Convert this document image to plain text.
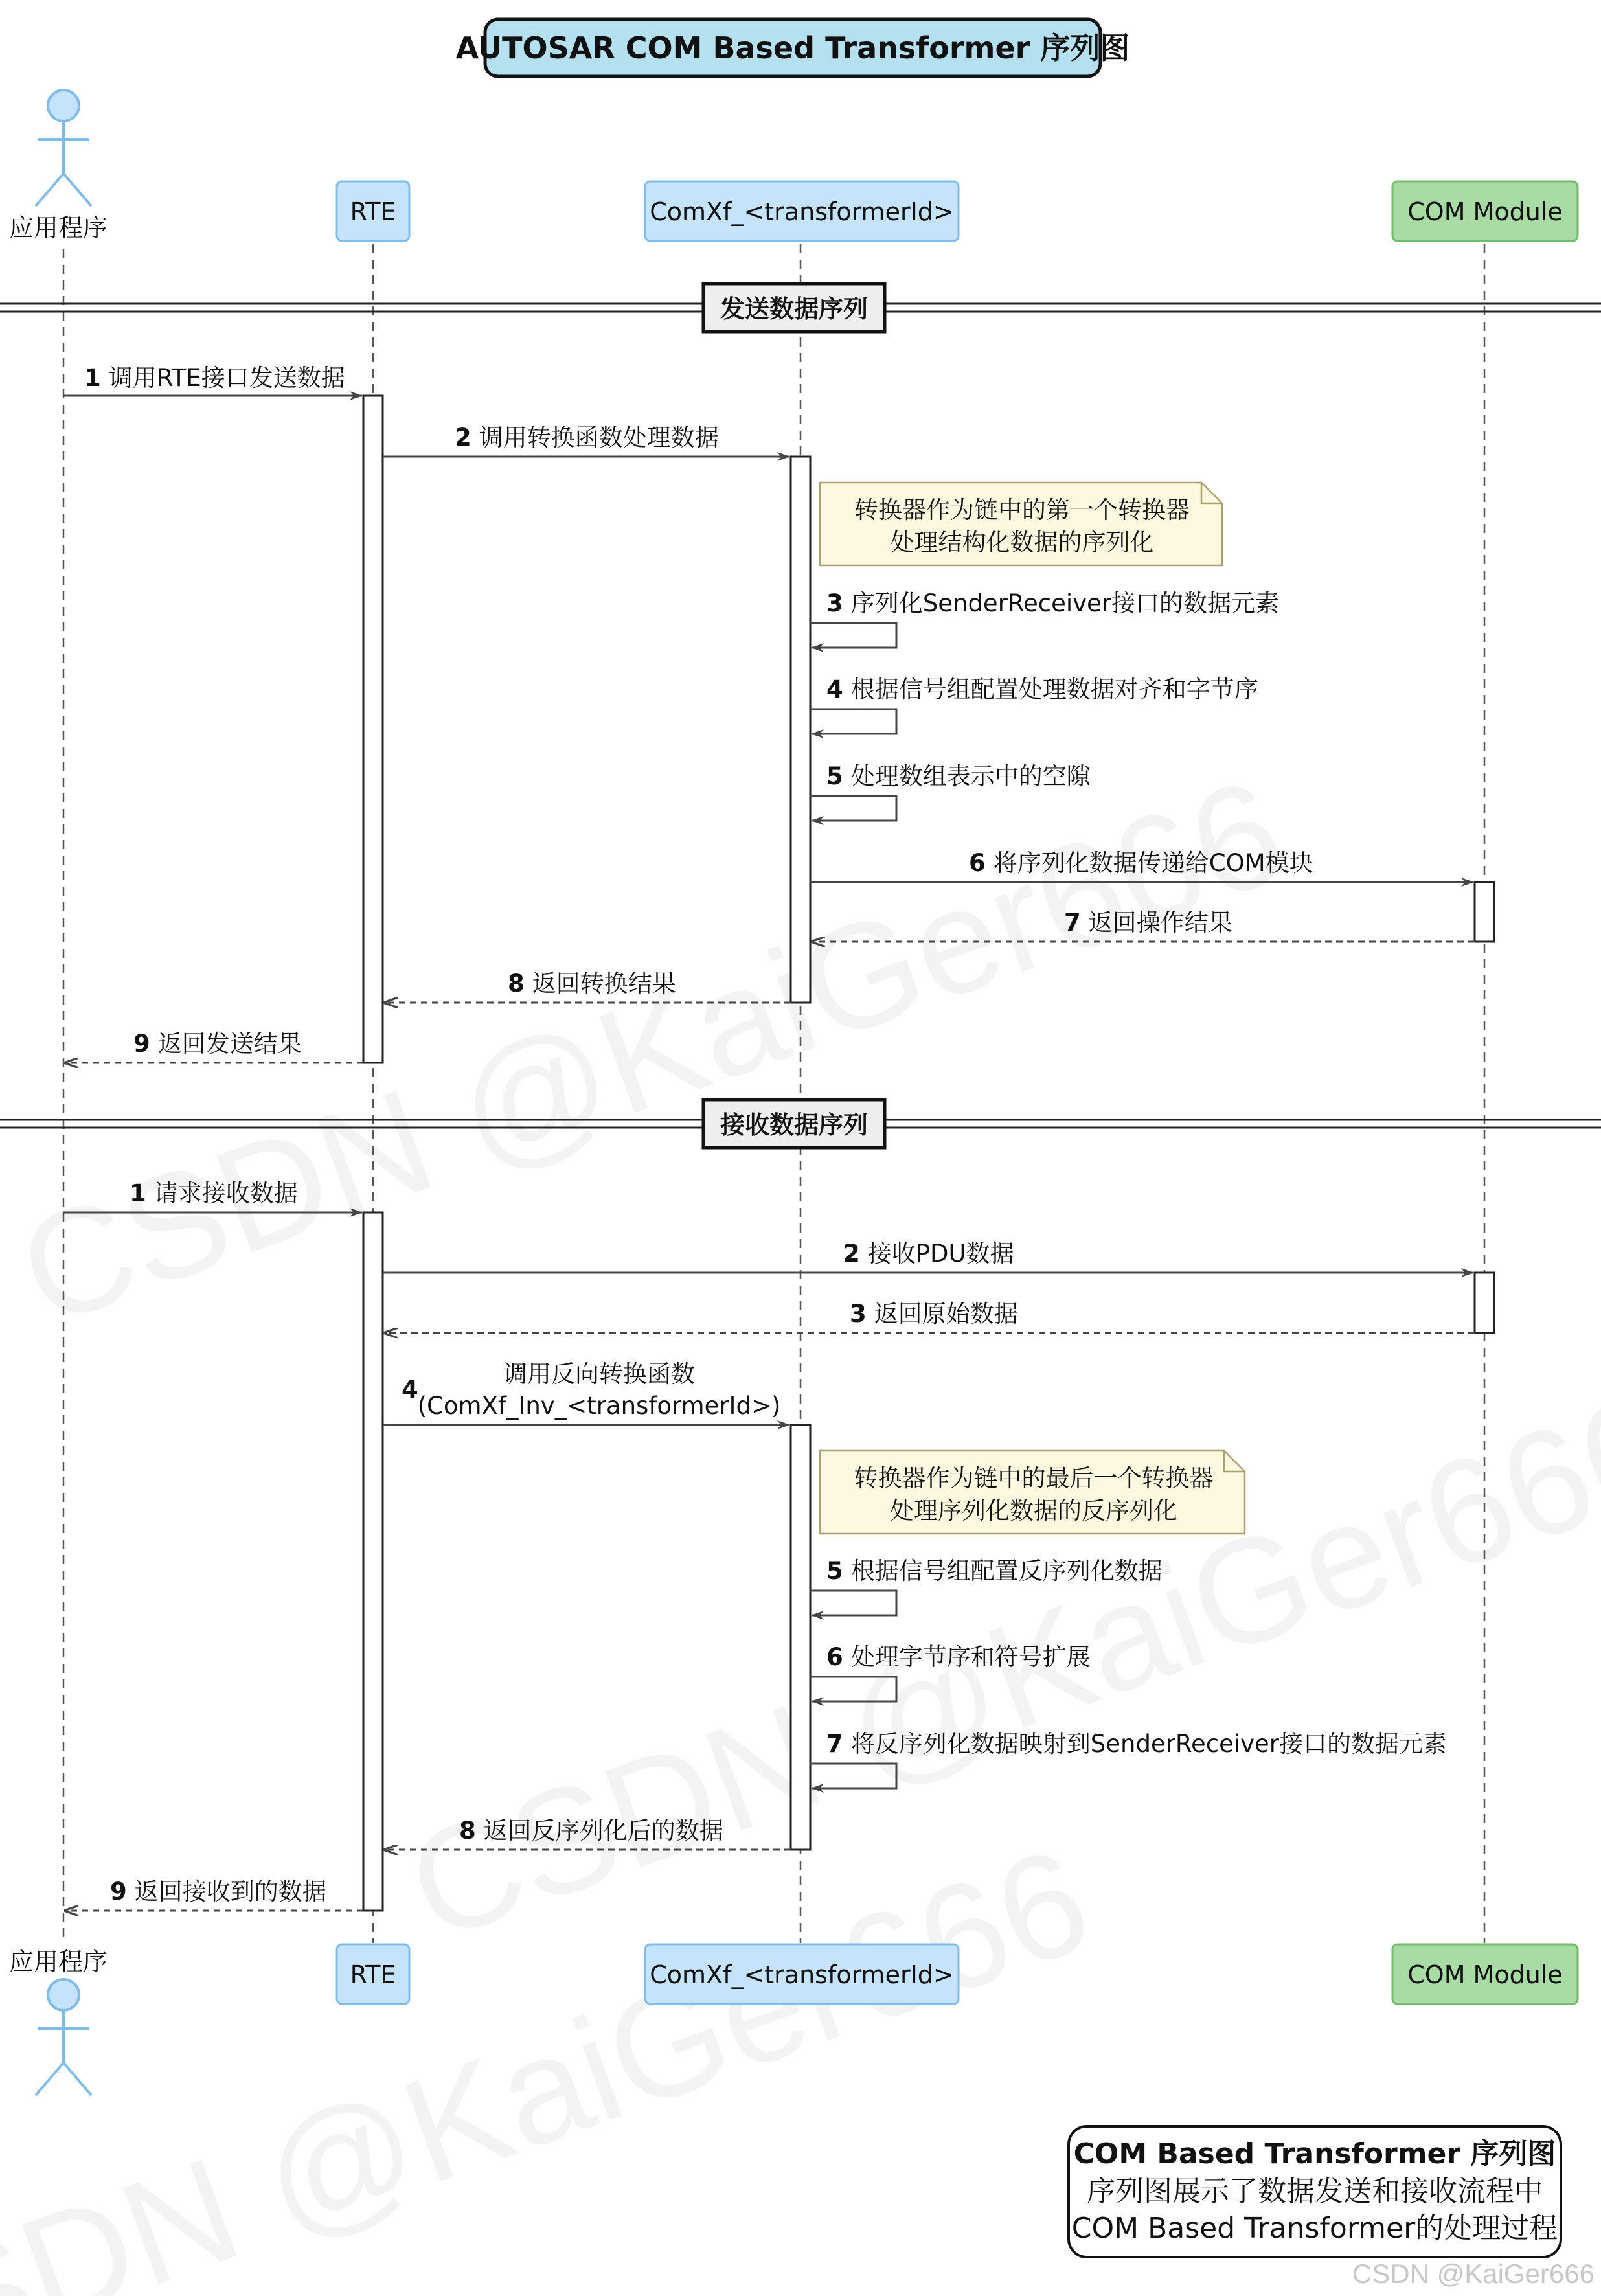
AUTOSAR COM Based Transformer 序列图
应用程序
RTE	ComXf_<transformerId>	COM Module
发送数据序列
1 调用RTE接口发送数据
2 调用转换函数处理数据
转换器作为链中的第一个转换器
处理结构化数据的序列化
3 序列化SenderReceiver接口的数据元素
4 根据信号组配置处理数据对齐和字节序
5 处理数组表示中的空隙
6 将序列化数据传递给COM模块
7 返回操作结果
8 返回转换结果
9 返回发送结果
接收数据序列
1 请求接收数据
2 接收PDU数据
3 返回原始数据
4
调用反向转换函数
(ComXf_Inv_<transformerId>)
转换器作为链中的最后一个转换器
处理序列化数据的反序列化
5 根据信号组配置反序列化数据
6 处理字节序和符号扩展
7 将反序列化数据映射到SenderReceiver接口的数据元素
8 返回反序列化后的数据
9 返回接收到的数据
应用程序	RTE	ComXf_<transformerId>	COM Module
COM Based Transformer 序列图
序列图展示了数据发送和接收流程中
COM Based Transformer的处理过程
CSDN @KaiGer666
